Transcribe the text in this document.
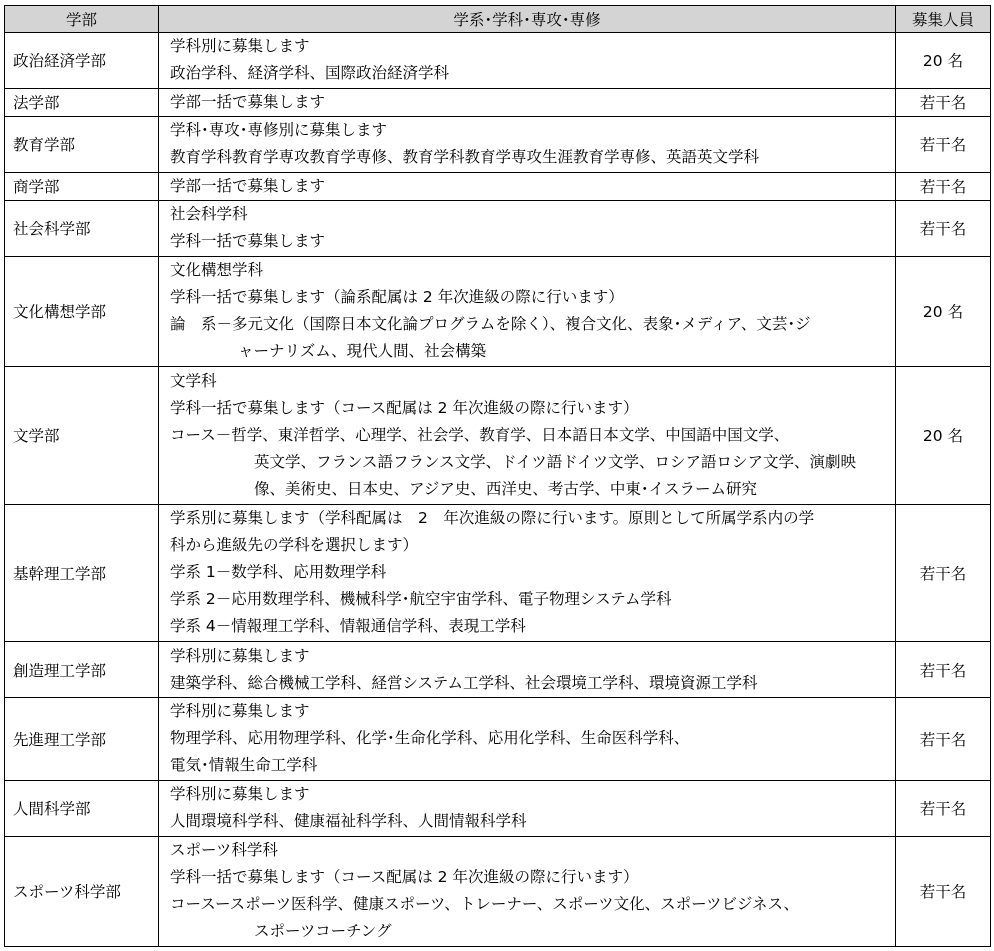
学部	学系･学科･専攻･専修	募集人員
政治経済学部	学科別に募集します
政治学科、経済学科、国際政治経済学科	20 名
法学部	学部一括で募集します	若干名
教育学部	学科･専攻･専修別に募集します
教育学科教育学専攻教育学専修、教育学科教育学専攻生涯教育学専修、英語英文学科	若干名
商学部	学部一括で募集します	若干名
社会科学部	社会科学科
学科一括で募集します	若干名
文化構想学部	文化構想学科
学科一括で募集します（論系配属は 2 年次進級の際に行います）
論　系－多元文化（国際日本文化論プログラムを除く）、複合文化、表象･メディア、文芸･ジ
ャーナリズム、現代人間、社会構築	20 名
文学部	文学科
学科一括で募集します（コース配属は 2 年次進級の際に行います）
コース－哲学、東洋哲学、心理学、社会学、教育学、日本語日本文学、中国語中国文学、
英文学、フランス語フランス文学、ドイツ語ドイツ文学、ロシア語ロシア文学、演劇映
像、美術史、日本史、アジア史、西洋史、考古学、中東･イスラーム研究	20 名
基幹理工学部	学系別に募集します（学科配属は　2　年次進級の際に行います。原則として所属学系内の学
科から進級先の学科を選択します）
学系 1－数学科、応用数理学科
学系 2－応用数理学科、機械科学･航空宇宙学科、電子物理システム学科
学系 4－情報理工学科、情報通信学科、表現工学科	若干名
創造理工学部	学科別に募集します
建築学科、総合機械工学科、経営システム工学科、社会環境工学科、環境資源工学科	若干名
先進理工学部	学科別に募集します
物理学科、応用物理学科、化学･生命化学科、応用化学科、生命医科学科、
電気･情報生命工学科	若干名
人間科学部	学科別に募集します
人間環境科学科、健康福祉科学科、人間情報科学科	若干名
スポーツ科学部	スポーツ科学科
学科一括で募集します（コース配属は 2 年次進級の際に行います）
コースースポーツ医科学、健康スポーツ、トレーナー、スポーツ文化、スポーツビジネス、
スポーツコーチング	若干名
